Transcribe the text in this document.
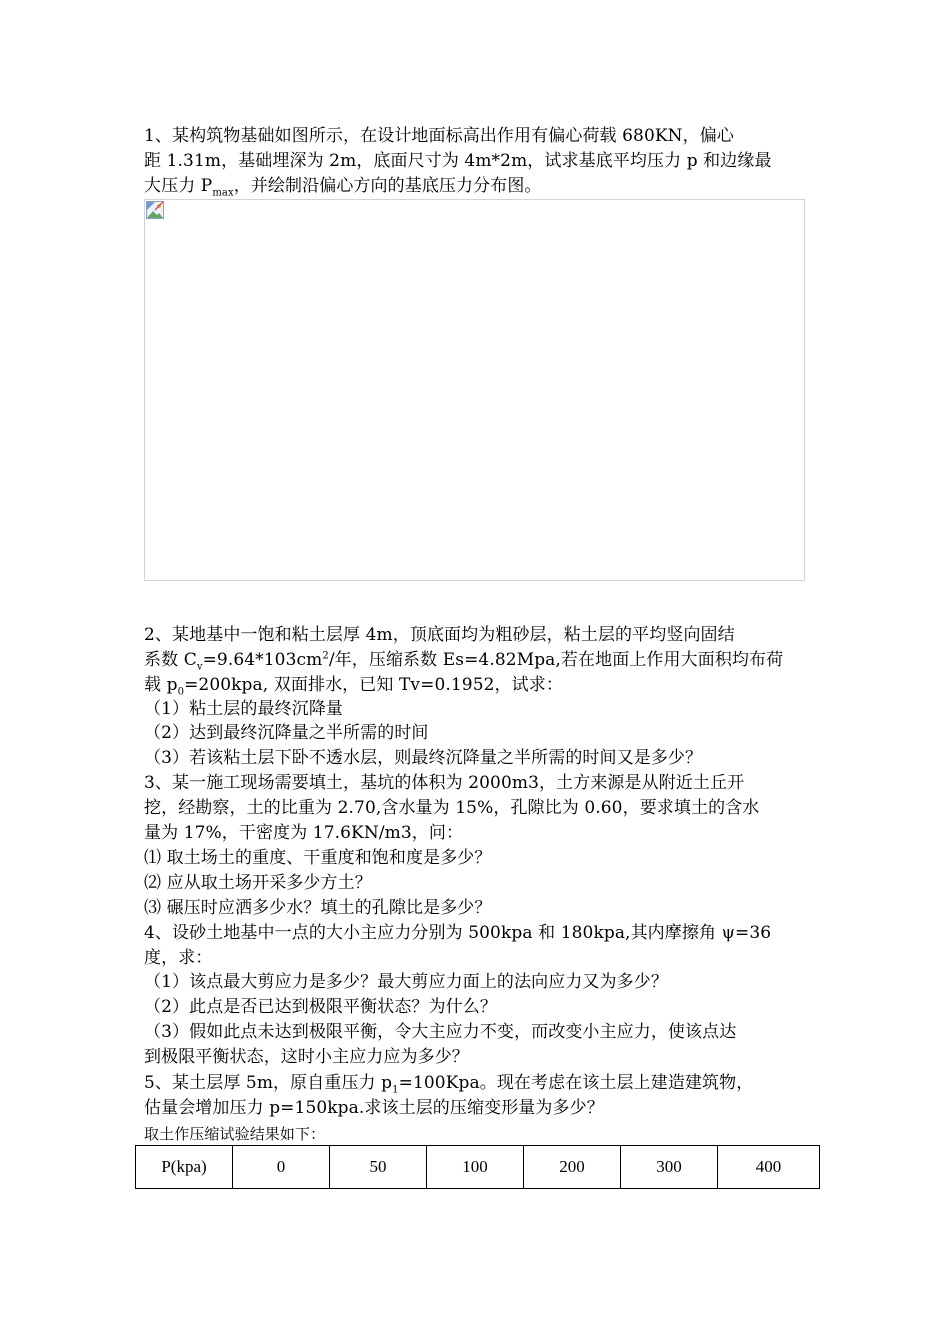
1、某构筑物基础如图所示，在设计地面标高出作用有偏心荷载 680KN，偏心
距 1.31m，基础埋深为 2m，底面尺寸为 4m*2m，试求基底平均压力 p 和边缘最
大压力 $P_{max}$，并绘制沿偏心方向的基底压力分布图。
2、某地基中一饱和粘土层厚 4m，顶底面均为粗砂层，粘土层的平均竖向固结
系数 $C_v=9.64*103cm^2/$年，压缩系数 Es=4.82Mpa,若在地面上作用大面积均布荷
载 $p_0=200kpa$, 双面排水，已知 Tv=0.1952，试求：
（1）粘土层的最终沉降量
（2）达到最终沉降量之半所需的时间
（3）若该粘土层下卧不透水层，则最终沉降量之半所需的时间又是多少？
3、某一施工现场需要填土，基坑的体积为 2000m3，土方来源是从附近土丘开
挖，经勘察，土的比重为 2.70,含水量为 15%，孔隙比为 0.60，要求填土的含水
量为 17%，干密度为 17.6KN/m3，问：
⑴ 取土场土的重度、干重度和饱和度是多少？
⑵ 应从取土场开采多少方土？
⑶ 碾压时应洒多少水？填土的孔隙比是多少？
4、设砂土地基中一点的大小主应力分别为 500kpa 和 180kpa,其内摩擦角 ψ=36
度，求：
（1）该点最大剪应力是多少？最大剪应力面上的法向应力又为多少？
（2）此点是否已达到极限平衡状态？为什么？
（3）假如此点未达到极限平衡，令大主应力不变，而改变小主应力，使该点达
到极限平衡状态，这时小主应力应为多少？
5、某土层厚 5m，原自重压力 $p_1=100Kpa$。现在考虑在该土层上建造建筑物，
估量会增加压力 p=150kpa.求该土层的压缩变形量为多少？
取土作压缩试验结果如下：
P(kpa)	0	50	100	200	300	400
